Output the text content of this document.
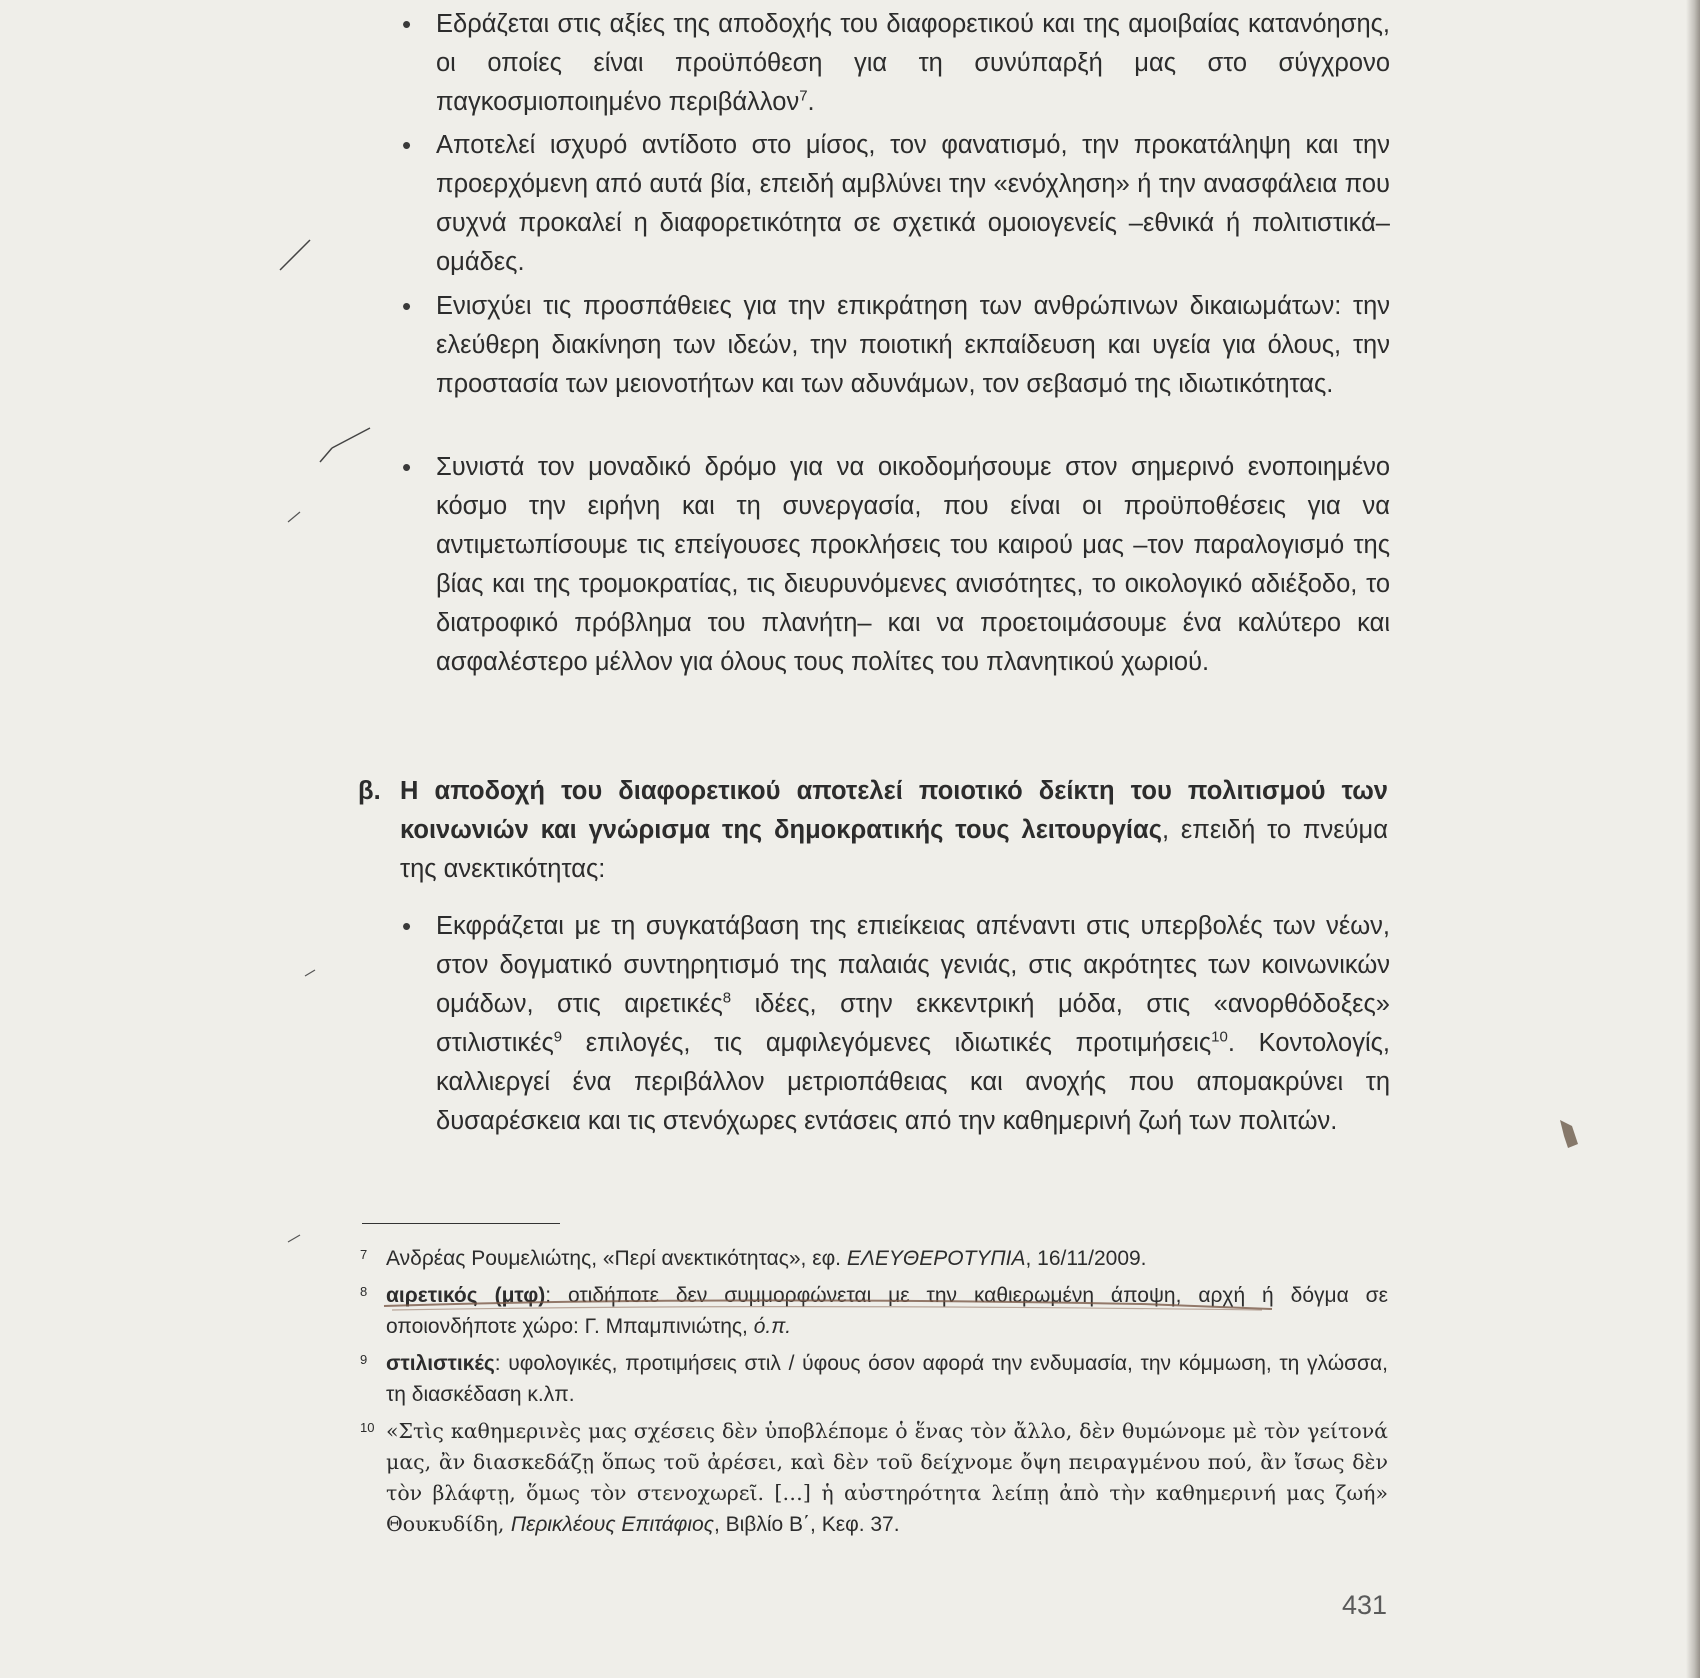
• Εδράζεται στις αξίες της αποδοχής του διαφορετικού και της αμοιβαίας κατανόησης, οι οποίες είναι προϋπόθεση για τη συνύπαρξή μας στο σύγχρονο παγκοσμιοποιημένο περιβάλλον$^7$.
• Αποτελεί ισχυρό αντίδοτο στο μίσος, τον φανατισμό, την προκατάληψη και την προερχόμενη από αυτά βία, επειδή αμβλύνει την «ενόχληση» ή την ανασφάλεια που συχνά προκαλεί η διαφορετικότητα σε σχετικά ομοιογενείς –εθνικά ή πολιτιστικά– ομάδες.
• Ενισχύει τις προσπάθειες για την επικράτηση των ανθρώπινων δικαιωμάτων: την ελεύθερη διακίνηση των ιδεών, την ποιοτική εκπαίδευση και υγεία για όλους, την προστασία των μειονοτήτων και των αδυνάμων, τον σεβασμό της ιδιωτικότητας.
• Συνιστά τον μοναδικό δρόμο για να οικοδομήσουμε στον σημερινό ενοποιημένο κόσμο την ειρήνη και τη συνεργασία, που είναι οι προϋποθέσεις για να αντιμετωπίσουμε τις επείγουσες προκλήσεις του καιρού μας –τον παραλογισμό της βίας και της τρομοκρατίας, τις διευρυνόμενες ανισότητες, το οικολογικό αδιέξοδο, το διατροφικό πρόβλημα του πλανήτη– και να προετοιμάσουμε ένα καλύτερο και ασφαλέστερο μέλλον για όλους τους πολίτες του πλανητικού χωριού.
β. Η αποδοχή του διαφορετικού αποτελεί ποιοτικό δείκτη του πολιτισμού των κοινωνιών και γνώρισμα της δημοκρατικής τους λειτουργίας, επειδή το πνεύμα της ανεκτικότητας:
• Εκφράζεται με τη συγκατάβαση της επιείκειας απέναντι στις υπερβολές των νέων, στον δογματικό συντηρητισμό της παλαιάς γενιάς, στις ακρότητες των κοινωνικών ομάδων, στις αιρετικές$^8$ ιδέες, στην εκκεντρική μόδα, στις «ανορθόδοξες» στιλιστικές$^9$ επιλογές, τις αμφιλεγόμενες ιδιωτικές προτιμήσεις$^{10}$. Κοντολογίς, καλλιεργεί ένα περιβάλλον μετριοπάθειας και ανοχής που απομακρύνει τη δυσαρέσκεια και τις στενόχωρες εντάσεις από την καθημερινή ζωή των πολιτών.
7 Ανδρέας Ρουμελιώτης, «Περί ανεκτικότητας», εφ. ΕΛΕΥΘΕΡΟΤΥΠΙΑ, 16/11/2009.
8 αιρετικός (μτφ): οτιδήποτε δεν συμμορφώνεται με την καθιερωμένη άποψη, αρχή ή δόγμα σε οποιονδήποτε χώρο: Γ. Μπαμπινιώτης, ό.π.
9 στιλιστικές: υφολογικές, προτιμήσεις στιλ / ύφους όσον αφορά την ενδυμασία, την κόμμωση, τη γλώσσα, τη διασκέδαση κ.λπ.
10 «Στὶς καθημερινὲς μας σχέσεις δὲν ὑποβλέπομε ὁ ἕνας τὸν ἄλλο, δὲν θυμώνομε μὲ τὸν γείτονά μας, ἂν διασκεδάζῃ ὅπως τοῦ ἀρέσει, καὶ δὲν τοῦ δείχνομε ὄψη πειραγμένου πού, ἂν ἴσως δὲν τὸν βλάφτῃ, ὅμως τὸν στενοχωρεῖ. […] ἡ αὐστηρότητα λείπῃ ἀπὸ τὴν καθημερινή μας ζωή» Θουκυδίδη, Περικλέους Επιτάφιος, Βιβλίο Β΄, Κεφ. 37.
431
